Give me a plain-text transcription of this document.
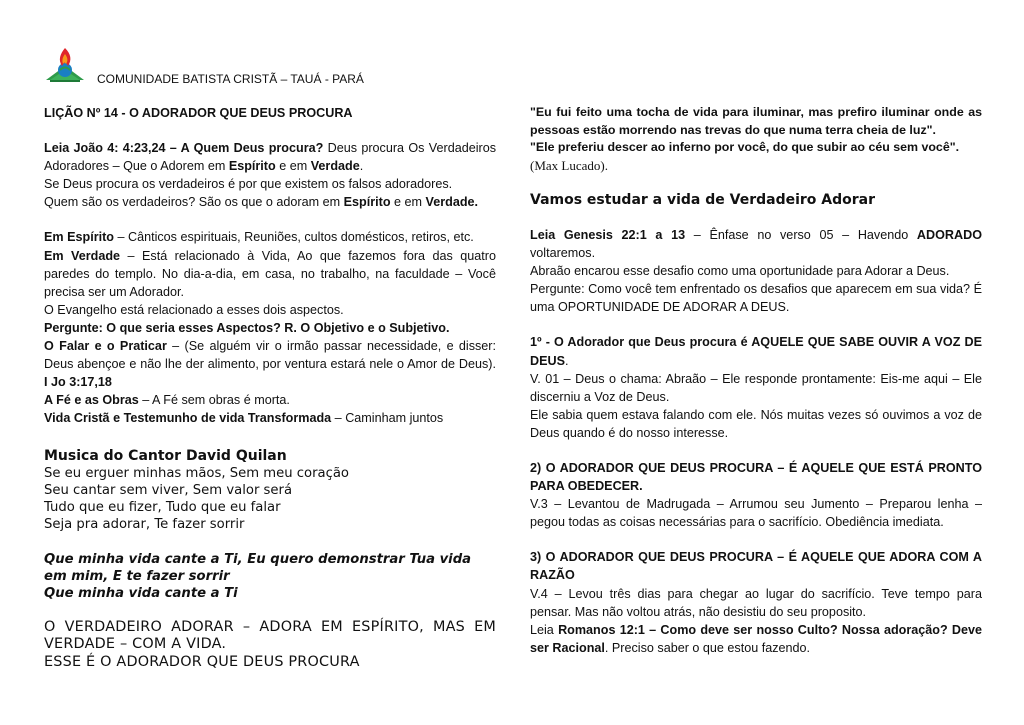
COMUNIDADE BATISTA CRISTÃ – TAUÁ - PARÁ

LIÇÃO Nº 14 - O ADORADOR QUE DEUS PROCURA

Leia João 4: 4:23,24 – A Quem Deus procura? Deus procura Os Verdadeiros Adoradores – Que o Adorem em Espírito e em Verdade.

Se Deus procura os verdadeiros é por que existem os falsos adoradores.

Quem são os verdadeiros? São os que o adoram em Espírito e em Verdade.

Em Espírito – Cânticos espirituais, Reuniões, cultos domésticos, retiros, etc.

Em Verdade – Está relacionado à Vida, Ao que fazemos fora das quatro paredes do templo. No dia-a-dia, em casa, no trabalho, na faculdade – Você precisa ser um Adorador.

O Evangelho está relacionado a esses dois aspectos.

Pergunte: O que seria esses Aspectos? R. O Objetivo e o Subjetivo.

O Falar e o Praticar – (Se alguém vir o irmão passar necessidade, e disser: Deus abençoe e não lhe der alimento, por ventura estará nele o Amor de Deus). I Jo 3:17,18

A Fé e as Obras – A Fé sem obras é morta.

Vida Cristã e Testemunho de vida Transformada – Caminham juntos

Musica do Cantor David Quilan

Se eu erguer minhas mãos, Sem meu coração

Seu cantar sem viver, Sem valor será

Tudo que eu fizer, Tudo que eu falar

Seja pra adorar, Te fazer sorrir

Que minha vida cante a Ti, Eu quero demonstrar Tua vida em mim, E te fazer sorrir

Que minha vida cante a Ti

O VERDADEIRO ADORAR – ADORA EM ESPÍRITO, MAS EM VERDADE – COM A VIDA.

ESSE É O ADORADOR QUE DEUS PROCURA

"Eu fui feito uma tocha de vida para iluminar, mas prefiro iluminar onde as pessoas estão morrendo nas trevas do que numa terra cheia de luz".

"Ele preferiu descer ao inferno por você, do que subir ao céu sem você".

(Max Lucado).

Vamos estudar a vida de Verdadeiro Adorar

Leia Genesis 22:1 a 13 – Ênfase no verso 05 – Havendo ADORADO voltaremos.

Abraão encarou esse desafio como uma oportunidade para Adorar a Deus.

Pergunte: Como você tem enfrentado os desafios que aparecem em sua vida? É uma OPORTUNIDADE DE ADORAR A DEUS.

1º - O Adorador que Deus procura é AQUELE QUE SABE OUVIR A VOZ DE DEUS.

V. 01 – Deus o chama: Abraão – Ele responde prontamente: Eis-me aqui – Ele discerniu a Voz de Deus.

Ele sabia quem estava falando com ele. Nós muitas vezes só ouvimos a voz de Deus quando é do nosso interesse.

2) O ADORADOR QUE DEUS PROCURA – É AQUELE QUE ESTÁ PRONTO PARA OBEDECER.

V.3 – Levantou de Madrugada – Arrumou seu Jumento – Preparou lenha – pegou todas as coisas necessárias para o sacrifício. Obediência imediata.

3) O ADORADOR QUE DEUS PROCURA – É AQUELE QUE ADORA COM A RAZÃO

V.4 – Levou três dias para chegar ao lugar do sacrifício. Teve tempo para pensar. Mas não voltou atrás, não desistiu do seu proposito.

Leia Romanos 12:1 – Como deve ser nosso Culto? Nossa adoração? Deve ser Racional. Preciso saber o que estou fazendo.
